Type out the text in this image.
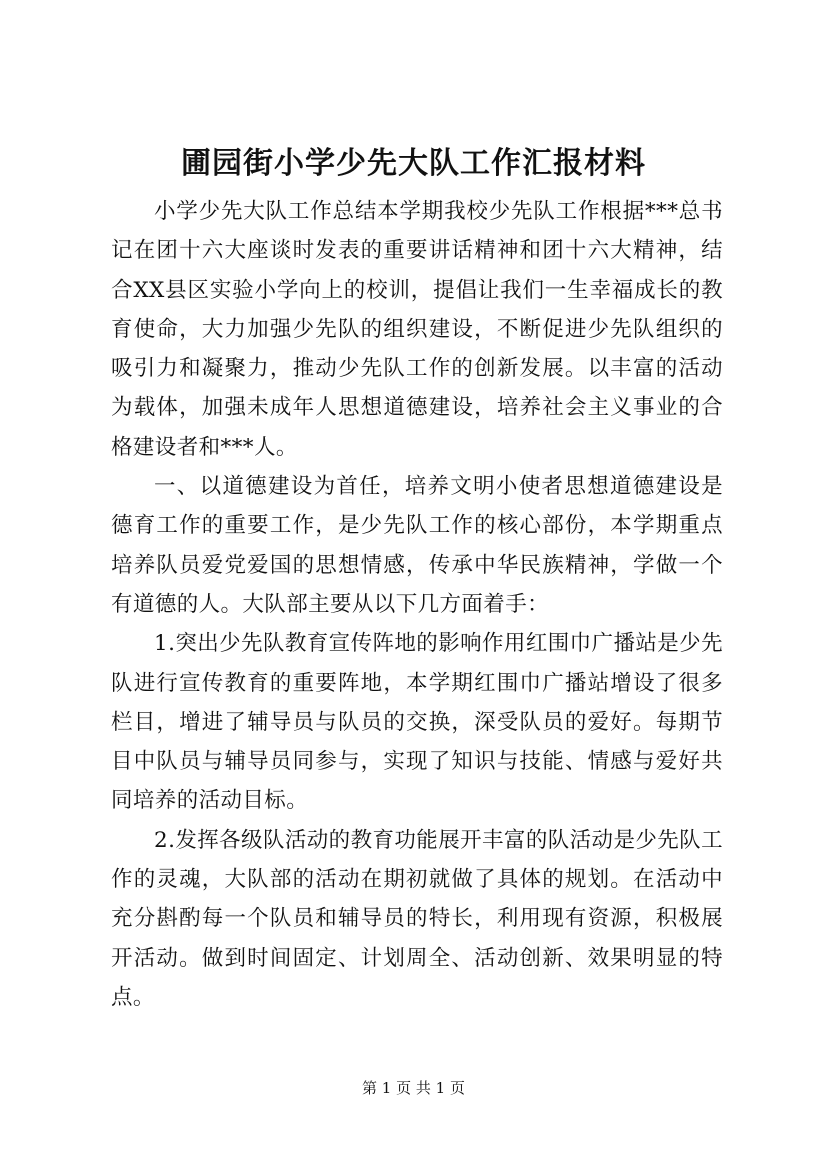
圃园街小学少先大队工作汇报材料

小学少先大队工作总结本学期我校少先队工作根据***总书记在团十六大座谈时发表的重要讲话精神和团十六大精神，结合XX县区实验小学向上的校训，提倡让我们一生幸福成长的教育使命，大力加强少先队的组织建设，不断促进少先队组织的吸引力和凝聚力，推动少先队工作的创新发展。以丰富的活动为载体，加强未成年人思想道德建设，培养社会主义事业的合格建设者和***人。

一、以道德建设为首任，培养文明小使者思想道德建设是德育工作的重要工作，是少先队工作的核心部份，本学期重点培养队员爱党爱国的思想情感，传承中华民族精神，学做一个有道德的人。大队部主要从以下几方面着手：

1.突出少先队教育宣传阵地的影响作用红围巾广播站是少先队进行宣传教育的重要阵地，本学期红围巾广播站增设了很多栏目，增进了辅导员与队员的交换，深受队员的爱好。每期节目中队员与辅导员同参与，实现了知识与技能、情感与爱好共同培养的活动目标。

2.发挥各级队活动的教育功能展开丰富的队活动是少先队工作的灵魂，大队部的活动在期初就做了具体的规划。在活动中充分斟酌每一个队员和辅导员的特长，利用现有资源，积极展开活动。做到时间固定、计划周全、活动创新、效果明显的特点。

第 1 页 共 1 页
